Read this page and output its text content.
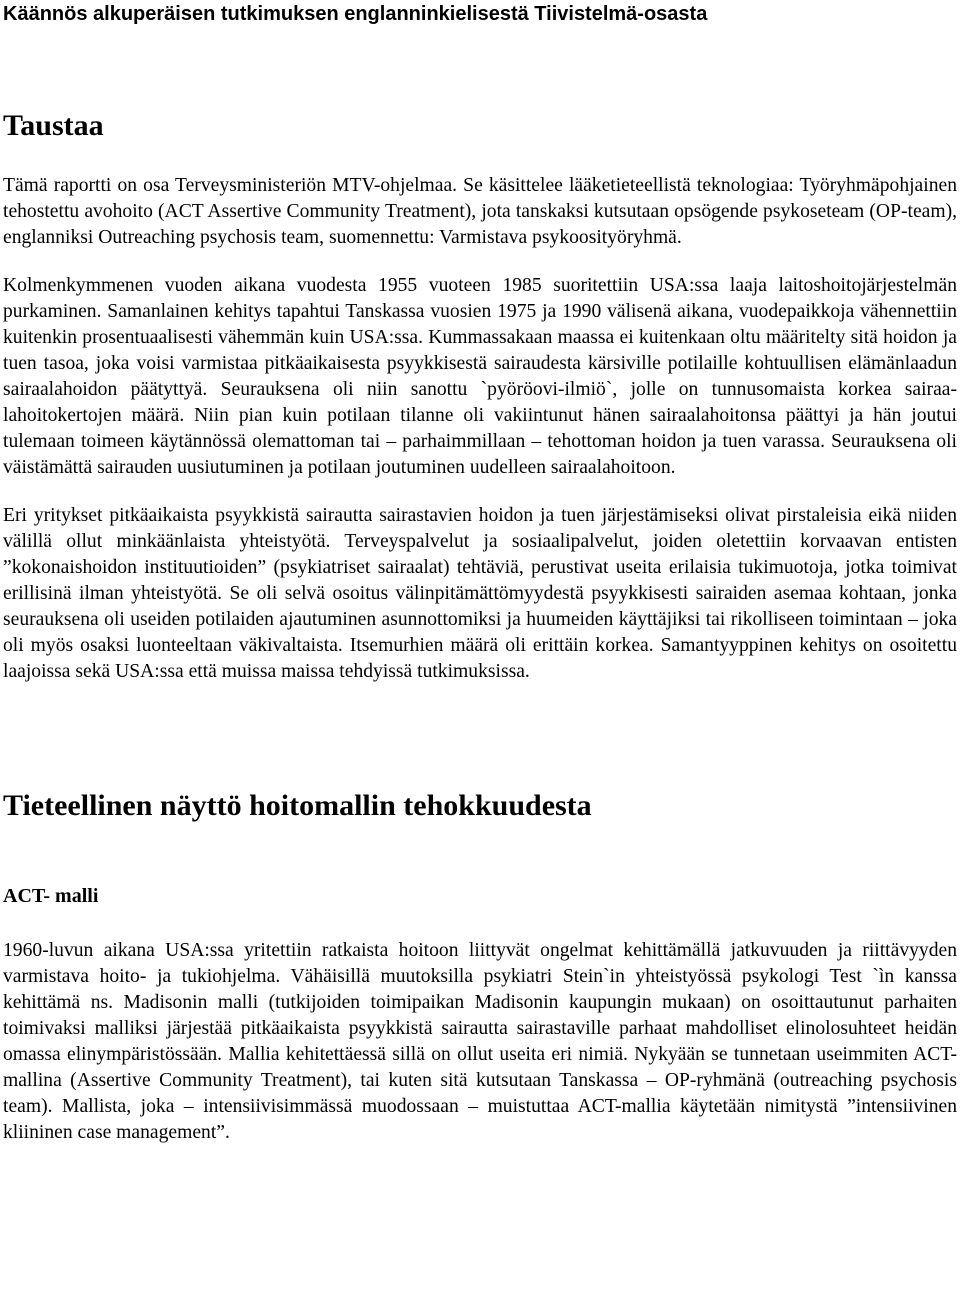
Käännös alkuperäisen tutkimuksen englanninkielisestä Tiivistelmä-osasta
Taustaa

Tämä raportti on osa Terveysministeriön MTV-ohjelmaa. Se käsittelee lääketieteellistä teknologiaa: Työryhmäpohjainen tehostettu avohoito (ACT Assertive Community Treatment), jota tanskaksi kutsutaan opsögende psykoseteam (OP-team), englanniksi Outreaching psychosis team, suomennettu: Varmistava psykoosityöryhmä.

Kolmenkymmenen vuoden aikana vuodesta 1955 vuoteen 1985 suoritettiin USA:ssa laaja laitoshoitojärjestelmän purkaminen. Samanlainen kehitys tapahtui Tanskassa vuosien 1975 ja 1990 välisenä aikana, vuodepaikkoja vähennettiin kuitenkin prosentuaalisesti vähemmän kuin USA:ssa. Kummassakaan maassa ei kuitenkaan oltu määritelty sitä hoidon ja tuen tasoa, joka voisi varmistaa pitkäaikaisesta psyykkisestä sairaudesta kärsiville potilaille kohtuullisen elämänlaadun sairaalahoidon päätyttyä. Seurauksena oli niin sanottu `pyöröovi-ilmiö`, jolle on tunnusomaista korkea sairaalahoitokertojen määrä. Niin pian kuin potilaan tilanne oli vakiintunut hänen sairaalahoitonsa päättyi ja hän joutui tulemaan toimeen käytännössä olemattoman tai – parhaimmillaan – tehottoman hoidon ja tuen varassa. Seurauksena oli väistämättä sairauden uusiutuminen ja potilaan joutuminen uudelleen sairaalahoitoon.

Eri yritykset pitkäaikaista psyykkistä sairautta sairastavien hoidon ja tuen järjestämiseksi olivat pirstaleisia eikä niiden välillä ollut minkäänlaista yhteistyötä. Terveyspalvelut ja sosiaalipalvelut, joiden oletettiin korvaavan entisten ”kokonaishoidon instituutioiden” (psykiatriset sairaalat) tehtäviä, perustivat useita erilaisia tukimuotoja, jotka toimivat erillisinä ilman yhteistyötä. Se oli selvä osoitus välinpitämättömyydestä psyykkisesti sairaiden asemaa kohtaan, jonka seurauksena oli useiden potilaiden ajautuminen asunnottomiksi ja huumeiden käyttäjiksi tai rikolliseen toimintaan – joka oli myös osaksi luonteeltaan väkivaltaista. Itsemurhien määrä oli erittäin korkea. Samantyyppinen kehitys on osoitettu laajoissa sekä USA:ssa että muissa maissa tehdyissä tutkimuksissa.

Tieteellinen näyttö hoitomallin tehokkuudesta
ACT- malli

1960-luvun aikana USA:ssa yritettiin ratkaista hoitoon liittyvät ongelmat kehittämällä jatkuvuuden ja riittävyyden varmistava hoito- ja tukiohjelma. Vähäisillä muutoksilla psykiatri Stein`in yhteistyössä psykologi Test `ìn kanssa kehittämä ns. Madisonin malli (tutkijoiden toimipaikan Madisonin kaupungin mukaan) on osoittautunut parhaiten toimivaksi malliksi järjestää pitkäaikaista psyykkistä sairautta sairastaville parhaat mahdolliset elinolosuhteet heidän omassa elinympäristössään. Mallia kehitettäessä sillä on ollut useita eri nimiä. Nykyään se tunnetaan useimmiten ACT-mallina (Assertive Community Treatment), tai kuten sitä kutsutaan Tanskassa – OP-ryhmänä (outreaching psychosis team). Mallista, joka – intensiivisimmässä muodossaan – muistuttaa ACT-mallia käytetään nimitystä ”intensiivinen kliininen case management”.
